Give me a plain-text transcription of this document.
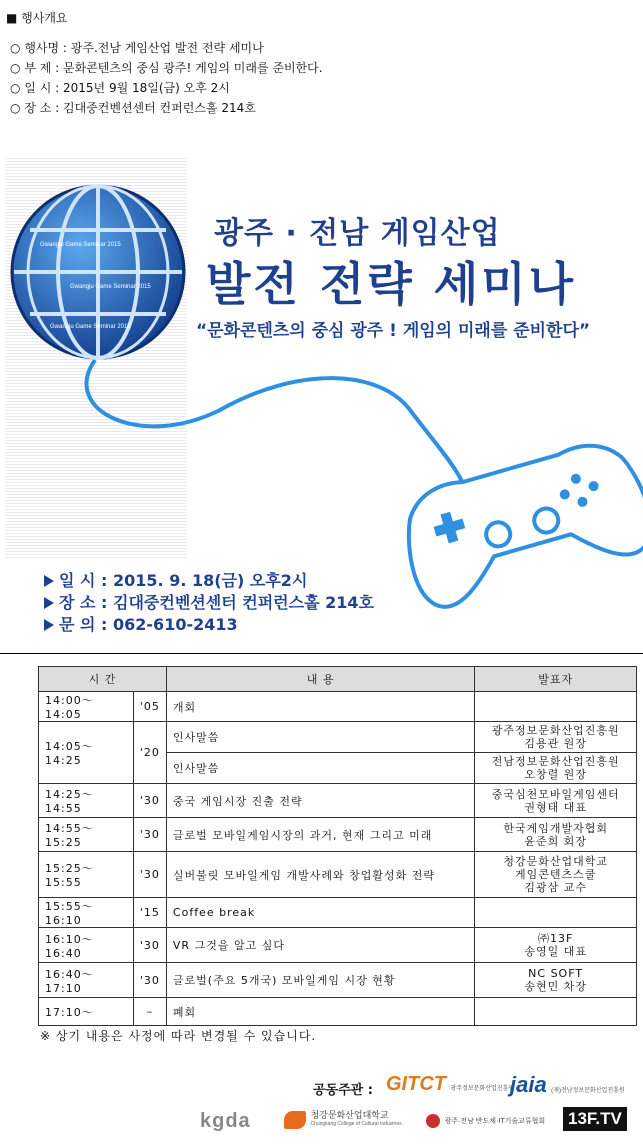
■ 행사개요
○ 행사명 : 광주.전남 게임산업 발전 전략 세미나
○ 부 제 : 문화콘텐츠의 중심 광주! 게임의 미래를 준비한다.
○ 일 시 : 2015년 9월 18일(금) 오후 2시
○ 장 소 : 김대중컨벤션센터 컨퍼런스홀 214호
Gwangju Game Seminar 2015
Gwangju Game Seminar 2015
Gwangju Game Seminar 2015
광주 · 전남 게임산업
발전 전략 세미나
“문화콘텐츠의 중심 광주 ! 게임의 미래를 준비한다”
일 시 : 2015. 9. 18(금) 오후2시
장 소 : 김대중컨벤션센터 컨퍼런스홀 214호
문 의 : 062-610-2413
시 간		내 용	발표자
14:00～14:05	'05	개회	
14:05～14:25	'20	인사말씀	광주정보문화산업진흥원
김용관 원장
		인사말씀	전남정보문화산업진흥원
오창렬 원장
14:25～14:55	'30	중국 게임시장 진출 전략	중국심천모바일게임센터
권형태 대표
14:55～15:25	'30	글로벌 모바일게임시장의 과거, 현재 그리고 미래	한국게임개발자협회
윤준희 회장
15:25～15:55	'30	실버불릿 모바일게임 개발사례와 창업활성화 전략	청강문화산업대학교
게임콘텐츠스쿨
김광삼 교수
15:55～16:10	'15	Coffee break	
16:10～16:40	'30	VR 그것을 알고 싶다	㈜13F
송영일 대표
16:40～17:10	'30	글로벌(주요 5개국) 모바일게임 시장 현황	NC SOFT
송현민 차장
17:10～	–	폐회	
※ 상기 내용은 사정에 따라 변경될 수 있습니다.
공동주관 : GITCT 광주정보문화산업진흥원
jaia (재)전남정보문화산업진흥원
kgda
	청강문화산업대학교
Chungkang College of Cultural Industries	광주·전남 반도체·IT기술교류협회 13F.TV
